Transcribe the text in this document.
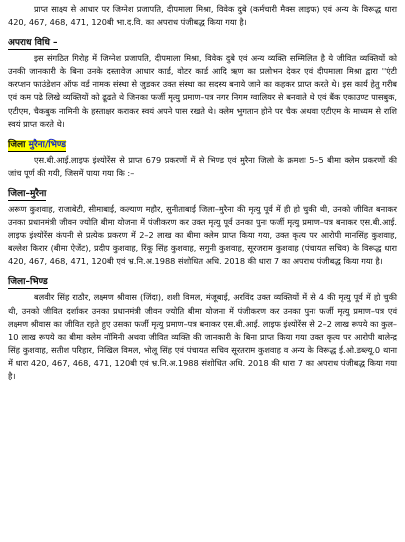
प्राप्त साक्ष्य से आधार पर जिग्नेश प्रजापति, दीपमाला मिश्रा, विवेक दुबे (कर्मचारी मैक्स लाइफ) एवं अन्य के विरूद्ध धारा 420, 467, 468, 471, 120बी भा.द.वि. का अपराध पंजीबद्ध किया गया है।

अपराध विधि –

इस संगठित गिरोह में जिग्नेश प्रजापति, दीपमाला मिश्रा, विवेक दुबे एवं अन्य व्यक्ति सम्मिलित है ये जीवित व्यक्तियों को उनकी जानकारी के बिना उनके दस्तावेज आधार कार्ड, वोटर कार्ड आदि ऋण का प्रलोभन देकर एवं दीपमाला मिश्रा द्वारा ''एंटी करप्शन फाउंडेशन ऑफ वर्ड नामक संस्था से जुडकर उक्त संस्था का सदस्य बनाये जाने का कहकर प्राप्त करते थे। इस कार्य हेतु गरीब एवं कम पढे लिखे व्यक्तियों को ढूढते थे जिनका फर्जी मृत्यु प्रमाण–पत्र नगर निगम ग्वालियर से बनवाते थे एवं बैंक एकाउण्ट पासबुक, एटीएम, चैकबुक नामिनी के हस्ताक्षर कराकर स्वयं अपने पास रखते थे। क्लेम भुगतान होने पर चैक अथवा एटीएम के माध्यम से राशि स्वयं प्राप्त करते थे।

जिला मुरैना/भिण्ड

एस.बी.आई.लाइफ इंश्योरेंस से प्राप्त 679 प्रकरणों में से भिण्ड एवं मुरैना जिलो के क्रमशः 5–5 बीमा क्लेम प्रकरणों की जांच पूर्ण की गयी, जिसमें पाया गया कि :–

जिला–मुरैना

अरूण कुशवाह, राजाबेटी, सीमाबाई, कल्याण महौर, सुनीताबाई जिला–मुरैना की मृत्यु पूर्व में ही हो चुकी थी, उनको जीवित बनाकर उनका प्रधानमंत्री जीवन ज्योति बीमा योजना में पंजीकरण कर उक्त मृत्यु पूर्व उनका पुनः फर्जी मृत्यु प्रमाण–पत्र बनाकर एस.बी.आई. लाइफ इंश्योरेंस कंपनी से प्रत्येक प्रकरण में 2–2 लाख का बीमा क्लेम प्राप्त किया गया, उक्त कृत्य पर आरोपी मानसिंह कुशवाह, बल्लेश किरार (बीमा ऐजेंट), प्रदीप कुशवाह, रिंकू सिंह कुशवाह, सगुनी कुशवाह, सूरजराम कुशवाह (पंचायत सचिव) के विरूद्ध धारा 420, 467, 468, 471, 120बी एवं भ्र.नि.अ.1988 संशोधित अधि. 2018 की धारा 7 का अपराध पंजीबद्ध किया गया है।

जिला–भिण्ड

बलवीर सिंह राठौर, लक्ष्मण श्रीवास (जिंदा), शशी विमल, मंजूबाई, अरविंद उक्त व्यक्तियों में से 4 की मृत्यु पूर्व में हो चुकी थी, उनको जीवित दर्शाकर उनका प्रधानमंत्री जीवन ज्योति बीमा योजना में पंजीकरण कर उनका पुनः फर्जी मृत्यु प्रमाण–पत्र एवं लक्ष्मण श्रीवास का जीवित रहते हुए उसका फर्जी मृत्यु प्रमाण–पत्र बनाकर एस.बी.आई. लाइफ इंश्योरेंस से 2–2 लाख रूपये का कुल–10 लाख रूपये का बीमा क्लेम नॉमिनी अथवा जीवित व्यक्ति की जानकारी के बिना प्राप्त किया गया उक्त कृत्य पर आरोपी बालेन्द्र सिंह कुशवाह, सतीश परिहार, निखिल विमल, भोलू सिंह एवं पंचायत सचिव सूरतराम कुशवाह व अन्य के विरूद्ध ई.ओ.डब्ल्यू.0 थाना में धारा 420, 467, 468, 471, 120बी एवं भ्र.नि.अ.1988 संशोधित अधि. 2018 की धारा 7 का अपराध पंजीबद्ध किया गया है।
